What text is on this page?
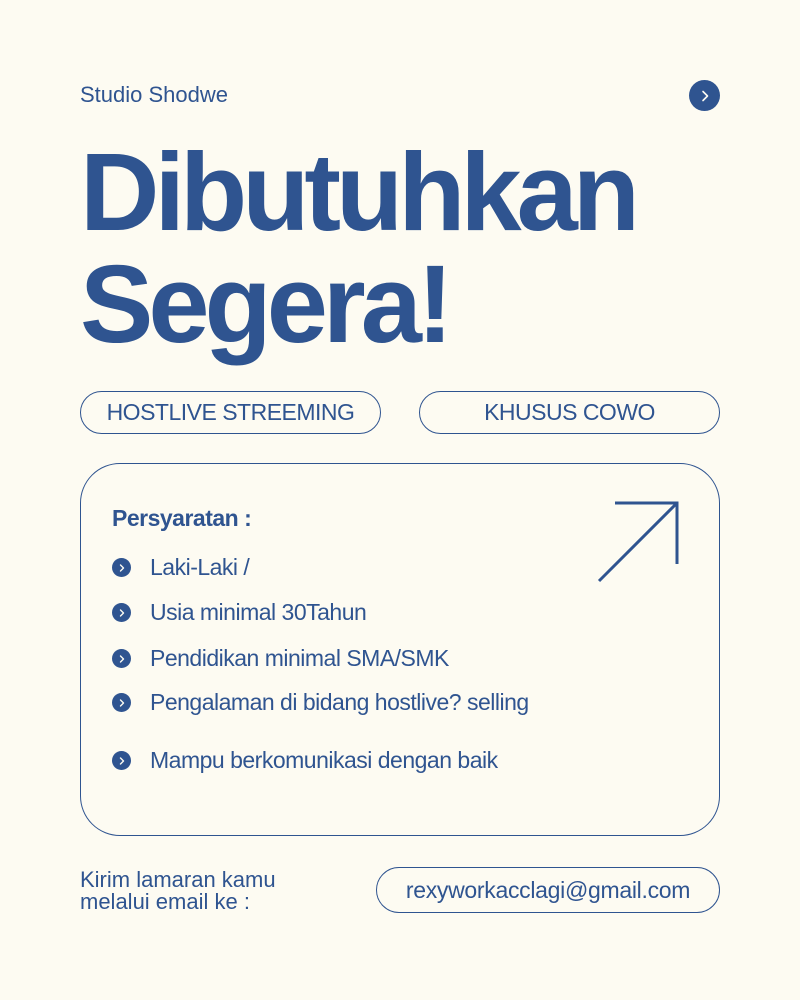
Studio Shodwe
Dibutuhkan
Segera!
HOSTLIVE STREEMING	KHUSUS COWO
Persyaratan :
Laki-Laki /
Usia minimal 30Tahun
Pendidikan minimal SMA/SMK
Pengalaman di bidang hostlive? selling
Mampu berkomunikasi dengan baik
Kirim lamaran kamu
melalui email ke :	rexyworkacclagi@gmail.com
